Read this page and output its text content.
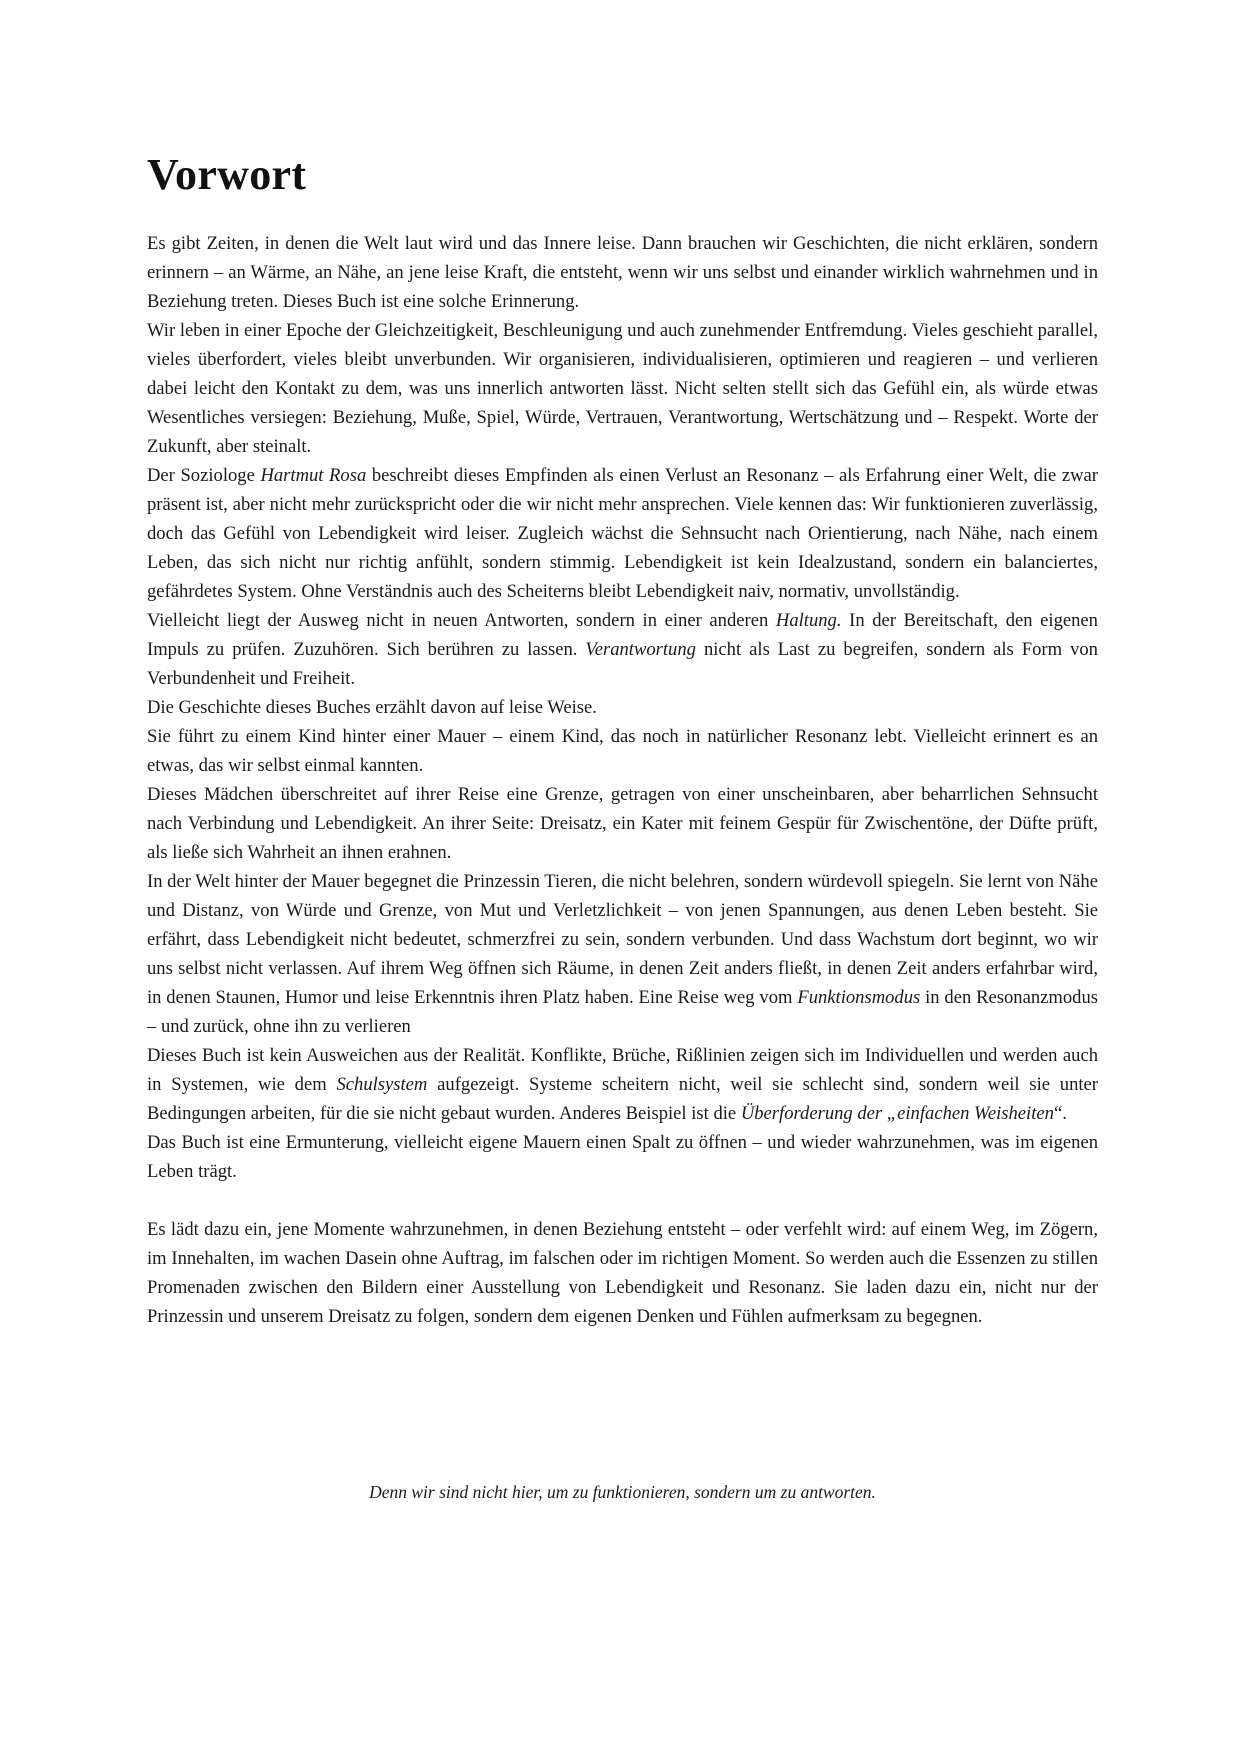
Vorwort

Es gibt Zeiten, in denen die Welt laut wird und das Innere leise. Dann brauchen wir Geschichten, die nicht erklären, sondern erinnern – an Wärme, an Nähe, an jene leise Kraft, die entsteht, wenn wir uns selbst und einander wirklich wahrnehmen und in Beziehung treten. Dieses Buch ist eine solche Erinnerung.

Wir leben in einer Epoche der Gleichzeitigkeit, Beschleunigung und auch zunehmender Entfremdung. Vieles geschieht parallel, vieles überfordert, vieles bleibt unverbunden. Wir organisieren, individualisieren, optimieren und reagieren – und verlieren dabei leicht den Kontakt zu dem, was uns innerlich antworten lässt. Nicht selten stellt sich das Gefühl ein, als würde etwas Wesentliches versiegen: Beziehung, Muße, Spiel, Würde, Vertrauen, Verantwortung, Wertschätzung und – Respekt. Worte der Zukunft, aber steinalt.

Der Soziologe Hartmut Rosa beschreibt dieses Empfinden als einen Verlust an Resonanz – als Erfahrung einer Welt, die zwar präsent ist, aber nicht mehr zurückspricht oder die wir nicht mehr ansprechen. Viele kennen das: Wir funktionieren zuverlässig, doch das Gefühl von Lebendigkeit wird leiser. Zugleich wächst die Sehnsucht nach Orientierung, nach Nähe, nach einem Leben, das sich nicht nur richtig anfühlt, sondern stimmig. Lebendigkeit ist kein Idealzustand, sondern ein balanciertes, gefährdetes System. Ohne Verständnis auch des Scheiterns bleibt Lebendigkeit naiv, normativ, unvollständig.

Vielleicht liegt der Ausweg nicht in neuen Antworten, sondern in einer anderen Haltung. In der Bereitschaft, den eigenen Impuls zu prüfen. Zuzuhören. Sich berühren zu lassen. Verantwortung nicht als Last zu begreifen, sondern als Form von Verbundenheit und Freiheit.

Die Geschichte dieses Buches erzählt davon auf leise Weise.

Sie führt zu einem Kind hinter einer Mauer – einem Kind, das noch in natürlicher Resonanz lebt. Vielleicht erinnert es an etwas, das wir selbst einmal kannten.

Dieses Mädchen überschreitet auf ihrer Reise eine Grenze, getragen von einer unscheinbaren, aber beharrlichen Sehnsucht nach Verbindung und Lebendigkeit. An ihrer Seite: Dreisatz, ein Kater mit feinem Gespür für Zwischentöne, der Düfte prüft, als ließe sich Wahrheit an ihnen erahnen.

In der Welt hinter der Mauer begegnet die Prinzessin Tieren, die nicht belehren, sondern würdevoll spiegeln. Sie lernt von Nähe und Distanz, von Würde und Grenze, von Mut und Verletzlichkeit – von jenen Spannungen, aus denen Leben besteht. Sie erfährt, dass Lebendigkeit nicht bedeutet, schmerzfrei zu sein, sondern verbunden. Und dass Wachstum dort beginnt, wo wir uns selbst nicht verlassen. Auf ihrem Weg öffnen sich Räume, in denen Zeit anders fließt, in denen Zeit anders erfahrbar wird, in denen Staunen, Humor und leise Erkenntnis ihren Platz haben. Eine Reise weg vom Funktionsmodus in den Resonanzmodus – und zurück, ohne ihn zu verlieren

Dieses Buch ist kein Ausweichen aus der Realität. Konflikte, Brüche, Rißlinien zeigen sich im Individuellen und werden auch in Systemen, wie dem Schulsystem aufgezeigt. Systeme scheitern nicht, weil sie schlecht sind, sondern weil sie unter Bedingungen arbeiten, für die sie nicht gebaut wurden. Anderes Beispiel ist die Überforderung der „einfachen Weisheiten“.

Das Buch ist eine Ermunterung, vielleicht eigene Mauern einen Spalt zu öffnen – und wieder wahrzunehmen, was im eigenen Leben trägt.

Es lädt dazu ein, jene Momente wahrzunehmen, in denen Beziehung entsteht – oder verfehlt wird: auf einem Weg, im Zögern, im Innehalten, im wachen Dasein ohne Auftrag, im falschen oder im richtigen Moment. So werden auch die Essenzen zu stillen Promenaden zwischen den Bildern einer Ausstellung von Lebendigkeit und Resonanz. Sie laden dazu ein, nicht nur der Prinzessin und unserem Dreisatz zu folgen, sondern dem eigenen Denken und Fühlen aufmerksam zu begegnen.

Denn wir sind nicht hier, um zu funktionieren, sondern um zu antworten.
